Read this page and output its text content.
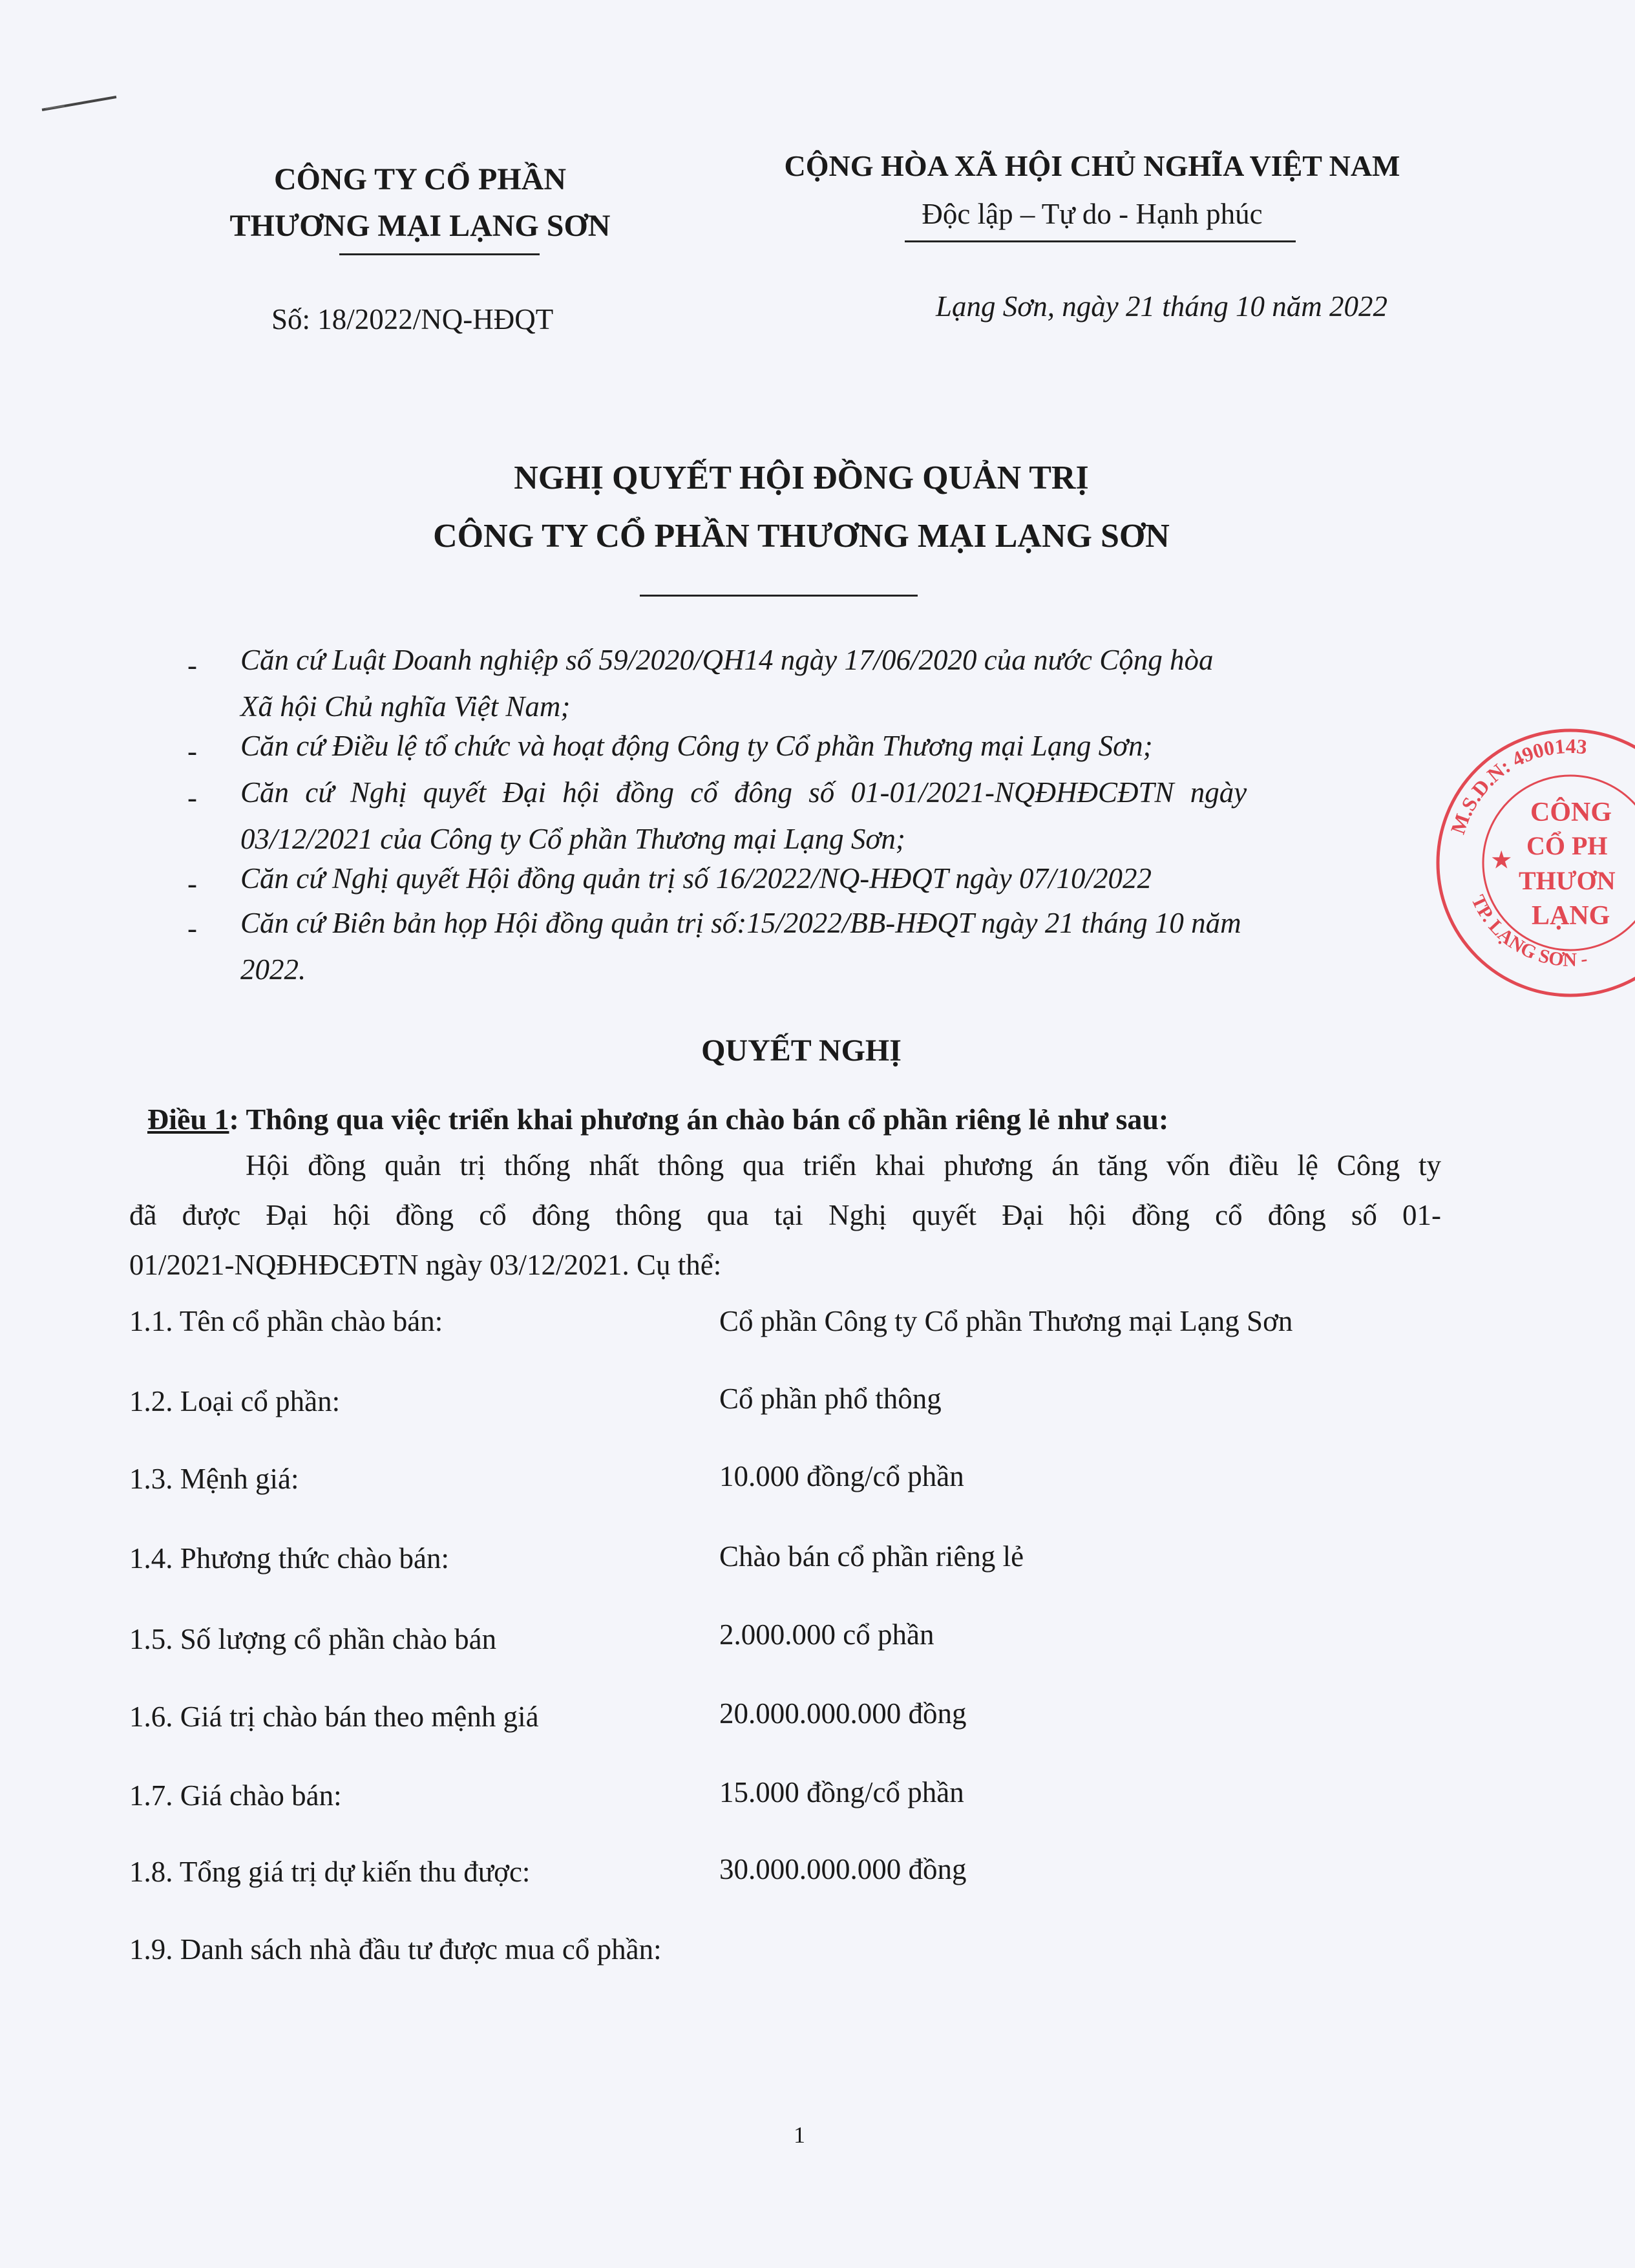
CÔNG TY CỔ PHẦN
THƯƠNG MẠI LẠNG SƠN
Số: 18/2022/NQ-HĐQT
CỘNG HÒA XÃ HỘI CHỦ NGHĨA VIỆT NAM
Độc lập – Tự do - Hạnh phúc
Lạng Sơn, ngày 21 tháng 10 năm 2022
NGHỊ QUYẾT HỘI ĐỒNG QUẢN TRỊ
CÔNG TY CỔ PHẦN THƯƠNG MẠI LẠNG SƠN
- Căn cứ Luật Doanh nghiệp số 59/2020/QH14 ngày 17/06/2020 của nước Cộng hòa
Xã hội Chủ nghĩa Việt Nam;
- Căn cứ Điều lệ tổ chức và hoạt động Công ty Cổ phần Thương mại Lạng Sơn;
- Căn cứ Nghị quyết Đại hội đồng cổ đông số 01-01/2021-NQĐHĐCĐTN ngày
03/12/2021 của Công ty Cổ phần Thương mại Lạng Sơn;
- Căn cứ Nghị quyết Hội đồng quản trị số 16/2022/NQ-HĐQT ngày 07/10/2022
- Căn cứ Biên bản họp Hội đồng quản trị số:15/2022/BB-HĐQT ngày 21 tháng 10 năm
2022.
QUYẾT NGHỊ
Điều 1: Thông qua việc triển khai phương án chào bán cổ phần riêng lẻ như sau:
Hội đồng quản trị thống nhất thông qua triển khai phương án tăng vốn điều lệ Công ty
đã được Đại hội đồng cổ đông thông qua tại Nghị quyết Đại hội đồng cổ đông số 01-
01/2021-NQĐHĐCĐTN ngày 03/12/2021. Cụ thể:
1.1. Tên cổ phần chào bán:	Cổ phần Công ty Cổ phần Thương mại Lạng Sơn
1.2. Loại cổ phần:	Cổ phần phổ thông
1.3. Mệnh giá:	10.000 đồng/cổ phần
1.4. Phương thức chào bán:	Chào bán cổ phần riêng lẻ
1.5. Số lượng cổ phần chào bán	2.000.000 cổ phần
1.6. Giá trị chào bán theo mệnh giá	20.000.000.000 đồng
1.7. Giá chào bán:	15.000 đồng/cổ phần
1.8. Tổng giá trị dự kiến thu được:	30.000.000.000 đồng
1.9. Danh sách nhà đầu tư được mua cổ phần:
1
M.S.D.N: 4900143
TP. LẠNG SƠN -
★
CÔNG
CỔ PH
THƯƠN
LẠNG
